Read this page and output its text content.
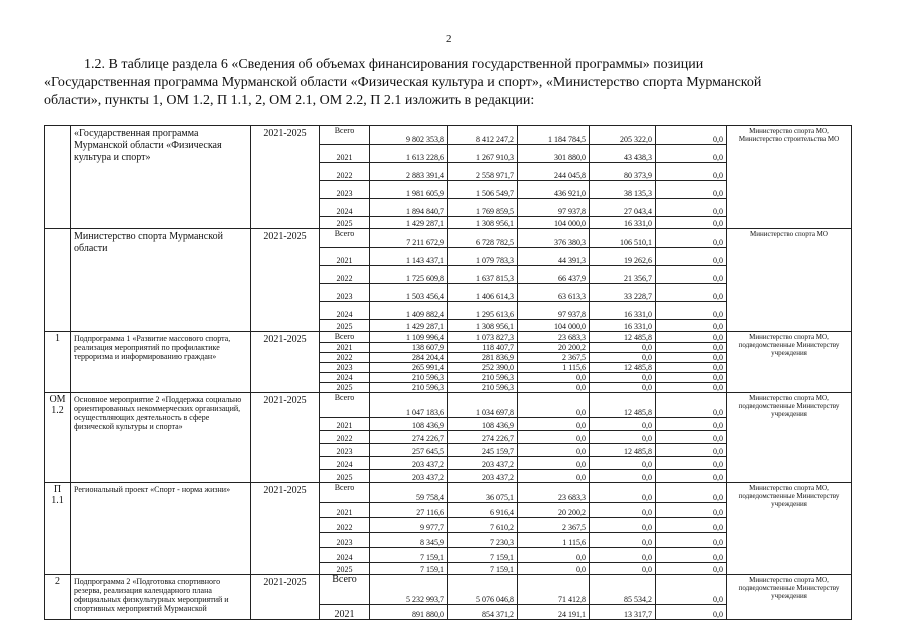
2
1.2. В таблице раздела 6 «Сведения об объемах финансирования государственной программы» позиции
«Государственная программа Мурманской области «Физическая культура и спорт», «Министерство спорта Мурманской
области», пункты 1, ОМ 1.2, П 1.1, 2, ОМ 2.1, ОМ 2.2, П 2.1 изложить в редакции:
	«Государственная программа Мурманской области «Физическая культура и спорт»	2021-2025	Всего	9 802 353,8	8 412 247,2	1 184 784,5	205 322,0	0,0	Министерство спорта МО, Министерство строительства МО
			2021	1 613 228,6	1 267 910,3	301 880,0	43 438,3	0,0	
			2022	2 883 391,4	2 558 971,7	244 045,8	80 373,9	0,0	
			2023	1 981 605,9	1 506 549,7	436 921,0	38 135,3	0,0	
			2024	1 894 840,7	1 769 859,5	97 937,8	27 043,4	0,0	
			2025	1 429 287,1	1 308 956,1	104 000,0	16 331,0	0,0	
	Министерство спорта Мурманской области	2021-2025	Всего	7 211 672,9	6 728 782,5	376 380,3	106 510,1	0,0	Министерство спорта МО
			2021	1 143 437,1	1 079 783,3	44 391,3	19 262,6	0,0	
			2022	1 725 609,8	1 637 815,3	66 437,9	21 356,7	0,0	
			2023	1 503 456,4	1 406 614,3	63 613,3	33 228,7	0,0	
			2024	1 409 882,4	1 295 613,6	97 937,8	16 331,0	0,0	
			2025	1 429 287,1	1 308 956,1	104 000,0	16 331,0	0,0	
1	Подпрограмма 1 «Развитие массового спорта, реализация мероприятий по профилактике терроризма и информированию граждан»	2021-2025	Всего	1 109 996,4	1 073 827,3	23 683,3	12 485,8	0,0	Министерство спорта МО, подведомственные Министерству учреждения
			2021	138 607,9	118 407,7	20 200,2	0,0	0,0	
			2022	284 204,4	281 836,9	2 367,5	0,0	0,0	
			2023	265 991,4	252 390,0	1 115,6	12 485,8	0,0	
			2024	210 596,3	210 596,3	0,0	0,0	0,0	
			2025	210 596,3	210 596,3	0,0	0,0	0,0	
ОМ 1.2	Основное мероприятие 2 «Поддержка социально ориентированных некоммерческих организаций, осуществляющих деятельность в сфере физической культуры и спорта»	2021-2025	Всего	1 047 183,6	1 034 697,8	0,0	12 485,8	0,0	Министерство спорта МО, подведомственные Министерству учреждения
			2021	108 436,9	108 436,9	0,0	0,0	0,0	
			2022	274 226,7	274 226,7	0,0	0,0	0,0	
			2023	257 645,5	245 159,7	0,0	12 485,8	0,0	
			2024	203 437,2	203 437,2	0,0	0,0	0,0	
			2025	203 437,2	203 437,2	0,0	0,0	0,0	
П 1.1	Региональный проект «Спорт - норма жизни»	2021-2025	Всего	59 758,4	36 075,1	23 683,3	0,0	0,0	Министерство спорта МО, подведомственные Министерству учреждения
			2021	27 116,6	6 916,4	20 200,2	0,0	0,0	
			2022	9 977,7	7 610,2	2 367,5	0,0	0,0	
			2023	8 345,9	7 230,3	1 115,6	0,0	0,0	
			2024	7 159,1	7 159,1	0,0	0,0	0,0	
			2025	7 159,1	7 159,1	0,0	0,0	0,0	
2	Подпрограмма 2 «Подготовка спортивного резерва, реализация календарного плана официальных физкультурных мероприятий и спортивных мероприятий Мурманской	2021-2025	Всего	5 232 993,7	5 076 046,8	71 412,8	85 534,2	0,0	Министерство спорта МО, подведомственные Министерству учреждения
			2021	891 880,0	854 371,2	24 191,1	13 317,7	0,0	
